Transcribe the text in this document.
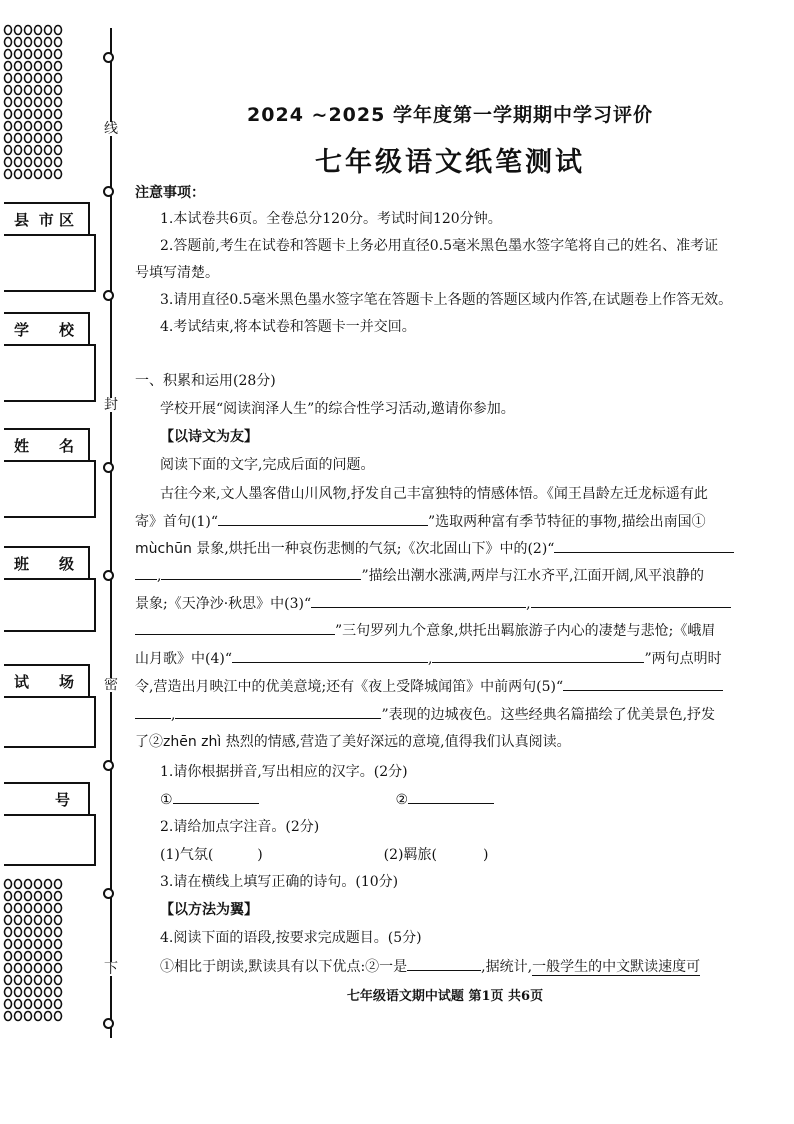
线
封
密
下
县 市 区
学 校
姓 名
班 级
试 场
号
2024 ~2025 学年度第一学期期中学习评价
七年级语文纸笔测试
注意事项：
1.本试卷共6页。全卷总分120分。考试时间120分钟。
2.答题前,考生在试卷和答题卡上务必用直径0.5毫米黑色墨水签字笔将自己的姓名、准考证
号填写清楚。
3.请用直径0.5毫米黑色墨水签字笔在答题卡上各题的答题区域内作答,在试题卷上作答无效。
4.考试结束,将本试卷和答题卡一并交回。
一、积累和运用(28分)
学校开展“阅读润泽人生”的综合性学习活动,邀请你参加。
【以诗文为友】
阅读下面的文字,完成后面的问题。
古往今来,文人墨客借山川风物,抒发自己丰富独特的情感体悟。《闻王昌龄左迁龙标遥有此
寄》首句(1)“	”选取两种富有季节特征的事物,描绘出南国①
mùchūn 景象,烘托出一种哀伤悲恻的气氛;《次北固山下》中的(2)“
,	”描绘出潮水涨满,两岸与江水齐平,江面开阔,风平浪静的
景象;《天净沙·秋思》中(3)“	,
”三句罗列九个意象,烘托出羁旅游子内心的凄楚与悲怆;《峨眉
山月歌》中(4)“	,	”两句点明时
令,营造出月映江中的优美意境;还有《夜上受降城闻笛》中前两句(5)“
,	”表现的边城夜色。这些经典名篇描绘了优美景色,抒发
了②zhēn zhì 热烈的情感,营造了美好深远的意境,值得我们认真阅读。
1.请你根据拼音,写出相应的汉字。(2分)
①	②
2.请给加点字注音。(2分)
(1)气氛(	)	(2)羁旅(	)
3.请在横线上填写正确的诗句。(10分)
【以方法为翼】
4.阅读下面的语段,按要求完成题目。(5分)
①相比于朗读,默读具有以下优点:②一是	,据统计,一般学生的中文默读速度可
七年级语文期中试题 第1页 共6页
